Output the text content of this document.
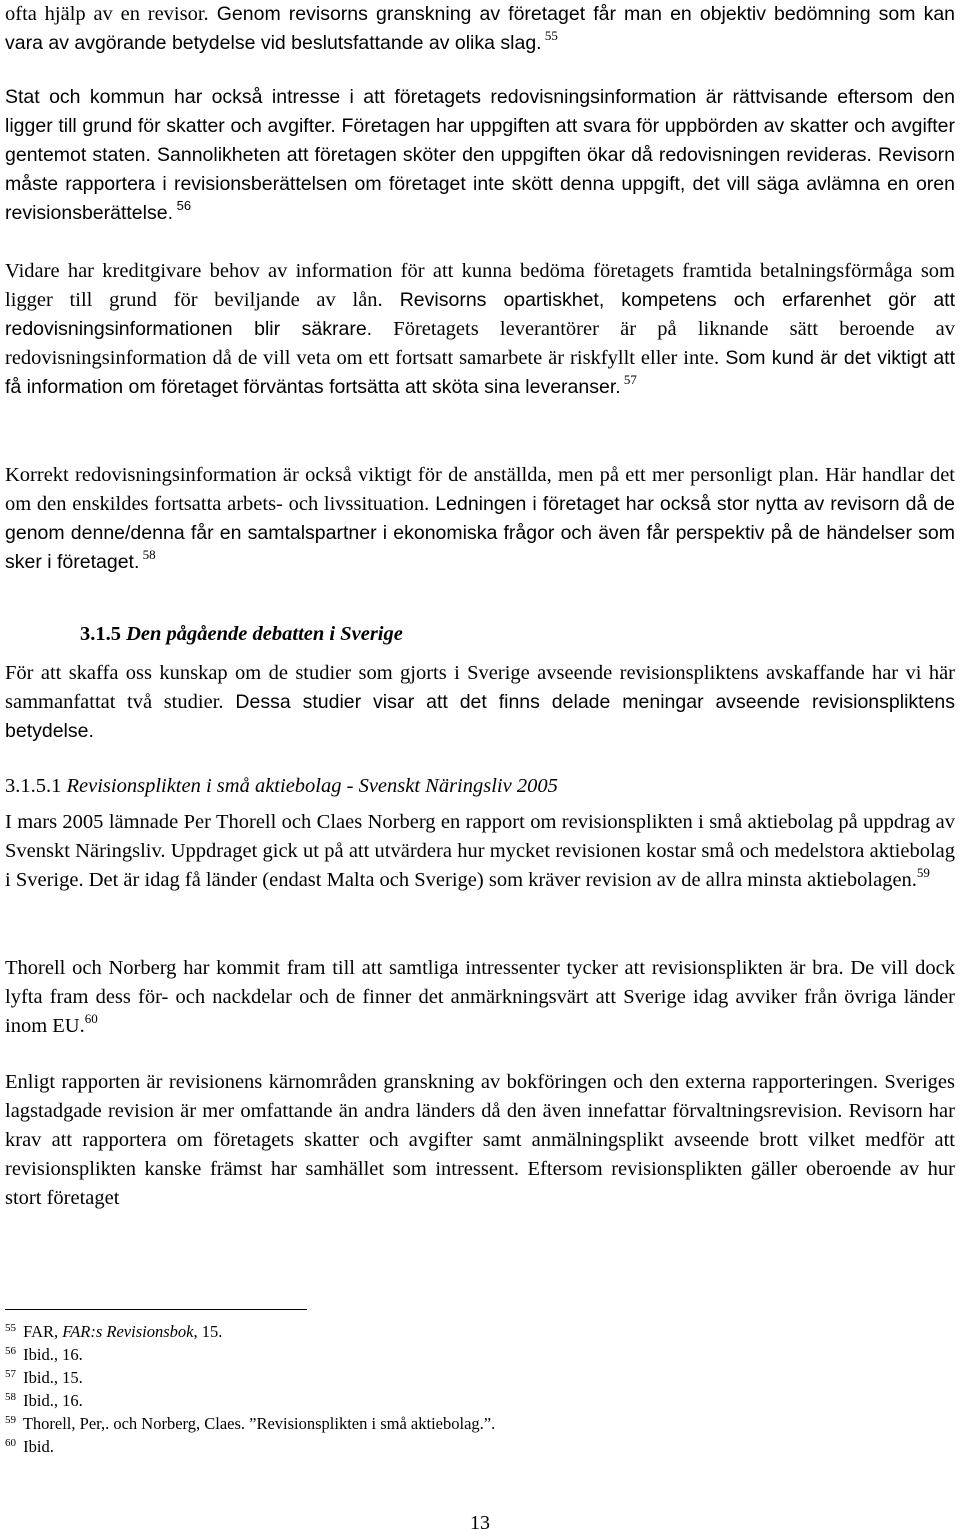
ofta hjälp av en revisor. Genom revisorns granskning av företaget får man en objektiv bedömning som kan vara av avgörande betydelse vid beslutsfattande av olika slag. $^{55}$

Stat och kommun har också intresse i att företagets redovisningsinformation är rättvisande eftersom den ligger till grund för skatter och avgifter. Företagen har uppgiften att svara för uppbörden av skatter och avgifter gentemot staten. Sannolikheten att företagen sköter den uppgiften ökar då redovisningen revideras. Revisorn måste rapportera i revisionsberättelsen om företaget inte skött denna uppgift, det vill säga avlämna en oren revisionsberättelse. $^{56}$

Vidare har kreditgivare behov av information för att kunna bedöma företagets framtida betalningsförmåga som ligger till grund för beviljande av lån. Revisorns opartiskhet, kompetens och erfarenhet gör att redovisningsinformationen blir säkrare. Företagets leverantörer är på liknande sätt beroende av redovisningsinformation då de vill veta om ett fortsatt samarbete är riskfyllt eller inte. Som kund är det viktigt att få information om företaget förväntas fortsätta att sköta sina leveranser. $^{57}$

Korrekt redovisningsinformation är också viktigt för de anställda, men på ett mer personligt plan. Här handlar det om den enskildes fortsatta arbets- och livssituation. Ledningen i företaget har också stor nytta av revisorn då de genom denne/denna får en samtalspartner i ekonomiska frågor och även får perspektiv på de händelser som sker i företaget. $^{58}$

3.1.5 Den pågående debatten i Sverige

För att skaffa oss kunskap om de studier som gjorts i Sverige avseende revisionspliktens avskaffande har vi här sammanfattat två studier. Dessa studier visar att det finns delade meningar avseende revisionspliktens betydelse.

3.1.5.1 Revisionsplikten i små aktiebolag - Svenskt Näringsliv 2005

I mars 2005 lämnade Per Thorell och Claes Norberg en rapport om revisionsplikten i små aktiebolag på uppdrag av Svenskt Näringsliv. Uppdraget gick ut på att utvärdera hur mycket revisionen kostar små och medelstora aktiebolag i Sverige. Det är idag få länder (endast Malta och Sverige) som kräver revision av de allra minsta aktiebolagen.$^{59}$

Thorell och Norberg har kommit fram till att samtliga intressenter tycker att revisionsplikten är bra. De vill dock lyfta fram dess för- och nackdelar och de finner det anmärkningsvärt att Sverige idag avviker från övriga länder inom EU.$^{60}$

Enligt rapporten är revisionens kärnområden granskning av bokföringen och den externa rapporteringen. Sveriges lagstadgade revision är mer omfattande än andra länders då den även innefattar förvaltningsrevision. Revisorn har krav att rapportera om företagets skatter och avgifter samt anmälningsplikt avseende brott vilket medför att revisionsplikten kanske främst har samhället som intressent. Eftersom revisionsplikten gäller oberoende av hur stort företaget

$^{55}$ FAR, FAR:s Revisionsbok, 15.

$^{56}$ Ibid., 16.

$^{57}$ Ibid., 15.

$^{58}$ Ibid., 16.

$^{59}$ Thorell, Per,. och Norberg, Claes. ”Revisionsplikten i små aktiebolag.”.

$^{60}$ Ibid.

13
